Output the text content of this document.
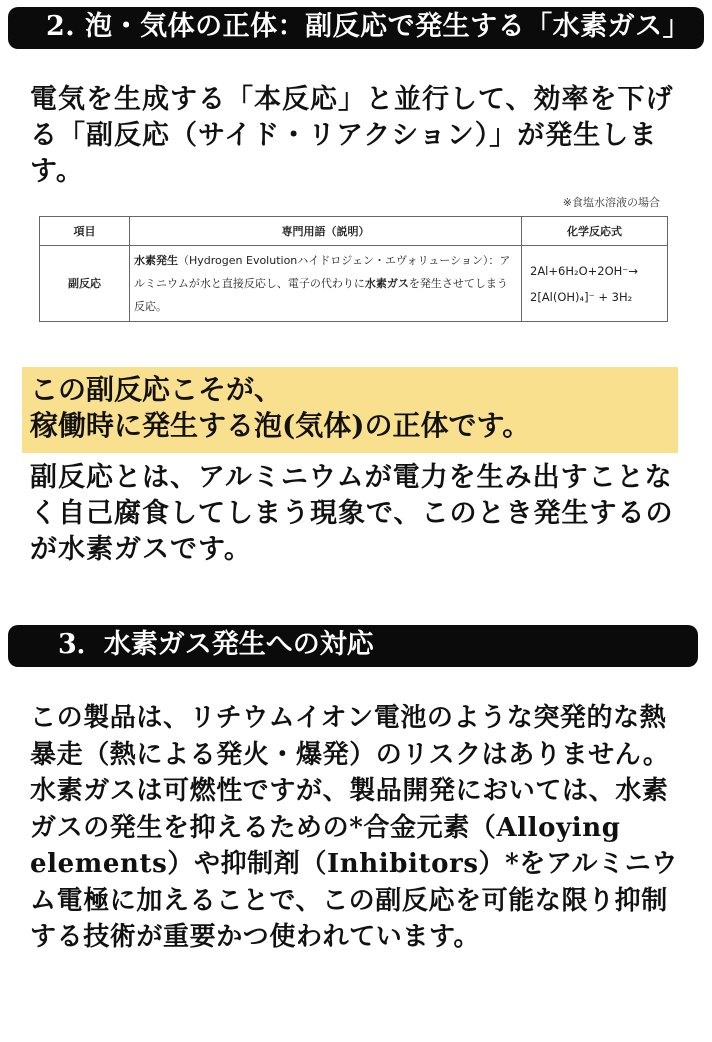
2. 泡・気体の正体：副反応で発生する「水素ガス」
電気を生成する「本反応」と並行して、効率を下げる「副反応（サイド・リアクション）」が発生します。
※食塩水溶液の場合
項目	専門用語（説明）	化学反応式
副反応	水素発生（Hydrogen Evolutionハイドロジェン・エヴォリューション）：アルミニウムが水と直接反応し、電子の代わりに水素ガスを発生させてしまう反応。	2Al+6H₂O+2OH⁻→
2[Al(OH)₄]⁻ + 3H₂
この副反応こそが、
稼働時に発生する泡(気体)の正体です。
副反応とは、アルミニウムが電力を生み出すことなく自己腐食してしまう現象で、このとき発生するのが水素ガスです。
3．水素ガス発生への対応
この製品は、リチウムイオン電池のような突発的な熱暴走（熱による発火・爆発）のリスクはありません。水素ガスは可燃性ですが、製品開発においては、水素ガスの発生を抑えるための*合金元素（Alloying elements）や抑制剤（Inhibitors）*をアルミニウム電極に加えることで、この副反応を可能な限り抑制する技術が重要かつ使われています。
